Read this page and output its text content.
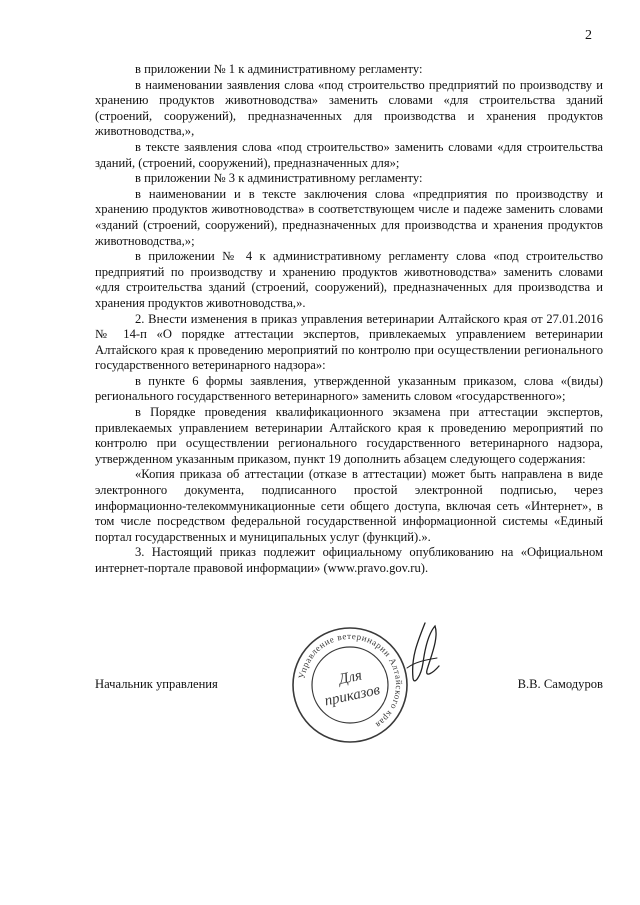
2

в приложении № 1 к административному регламенту:

в наименовании заявления слова «под строительство предприятий по производству и хранению продуктов животноводства» заменить словами «для строительства зданий (строений, сооружений), предназначенных для производства и хранения продуктов животноводства,»,

в тексте заявления слова «под строительство» заменить словами «для строительства зданий, (строений, сооружений), предназначенных для»;

в приложении № 3 к административному регламенту:

в наименовании и в тексте заключения слова «предприятия по производству и хранению продуктов животноводства» в соответствующем числе и падеже заменить словами «зданий (строений, сооружений), предназначенных для производства и хранения продуктов животноводства,»;

в приложении № 4 к административному регламенту слова «под строительство предприятий по производству и хранению продуктов животноводства» заменить словами «для строительства зданий (строений, сооружений), предназначенных для производства и хранения продуктов животноводства,».

2. Внести изменения в приказ управления ветеринарии Алтайского края от 27.01.2016 № 14-п «О порядке аттестации экспертов, привлекаемых управлением ветеринарии Алтайского края к проведению мероприятий по контролю при осуществлении регионального государственного ветеринарного надзора»:

в пункте 6 формы заявления, утвержденной указанным приказом, слова «(виды) регионального государственного ветеринарного» заменить словом «государственного»;

в Порядке проведения квалификационного экзамена при аттестации экспертов, привлекаемых управлением ветеринарии Алтайского края к проведению мероприятий по контролю при осуществлении регионального государственного ветеринарного надзора, утвержденном указанным приказом, пункт 19 дополнить абзацем следующего содержания:

«Копия приказа об аттестации (отказе в аттестации) может быть направлена в виде электронного документа, подписанного простой электронной подписью, через информационно-телекоммуникационные сети общего доступа, включая сеть «Интернет», в том числе посредством федеральной государственной информационной системы «Единый портал государственных и муниципальных услуг (функций).».

3. Настоящий приказ подлежит официальному опубликованию на «Официальном интернет-портале правовой информации» (www.pravo.gov.ru).

Управление ветеринарии Алтайского края
Для
приказов
Начальник управления	В.В. Самодуров
